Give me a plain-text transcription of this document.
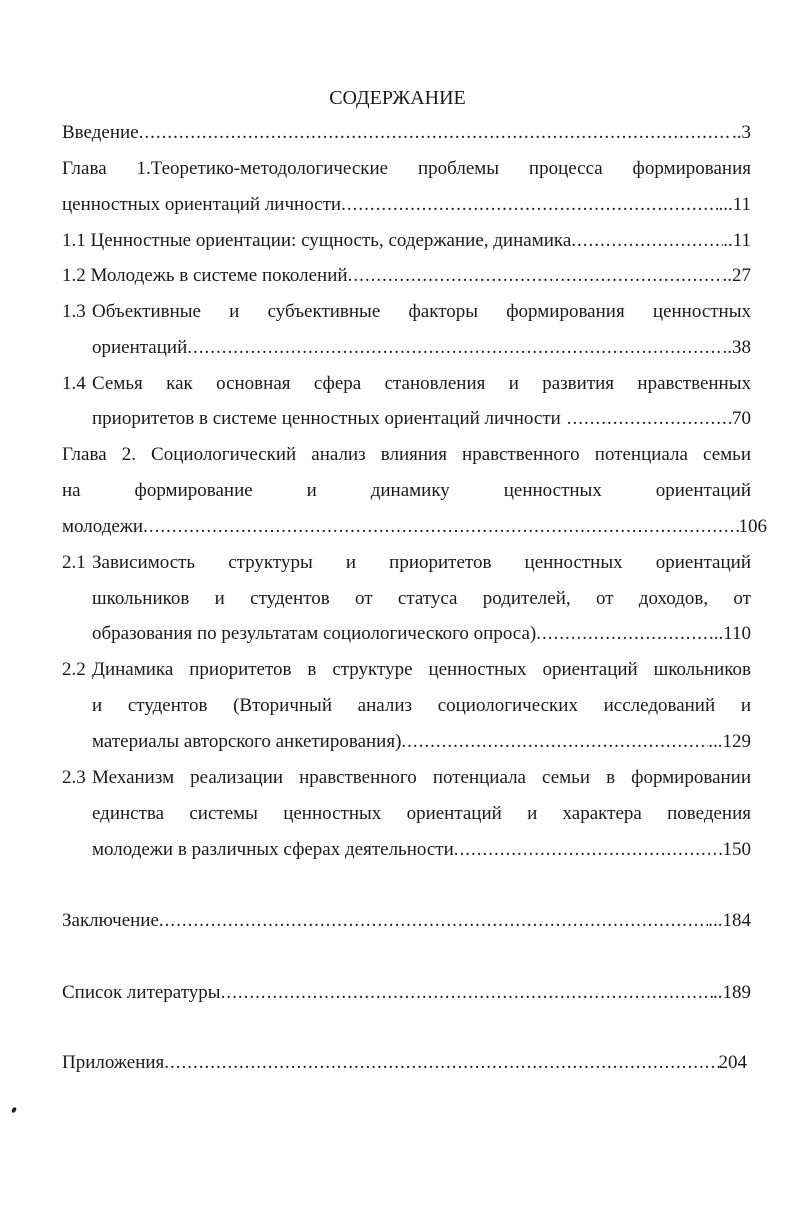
СОДЕРЖАНИЕ
Введение .....	..3
Глава 1.Теоретико-методологические проблемы процесса формирования
ценностных ориентаций личности .....	...11
1.1 Ценностные ориентации: сущность, содержание, динамика .....	..11
1.2 Молодежь в системе поколений .....	..27
1.3 Объективные и субъективные факторы формирования ценностных
ориентаций .....	..38
1.4 Семья как основная сфера становления и развития нравственных
приоритетов в системе ценностных ориентаций личности .....	70
Глава 2. Социологический анализ влияния нравственного потенциала семьи
на формирование и динамику ценностных ориентаций
молодежи .....	106
2.1 Зависимость структуры и приоритетов ценностных ориентаций
школьников и студентов от статуса родителей, от доходов, от
образования по результатам социологического опроса) .....	...110
2.2 Динамика приоритетов в структуре ценностных ориентаций школьников
и студентов (Вторичный анализ социологических исследований и
материалы авторского анкетирования) .....	...129
2.3 Механизм реализации нравственного потенциала семьи в формировании
единства системы ценностных ориентаций и характера поведения
молодежи в различных сферах деятельности .....	150
Заключение .....	...184
Список литературы .....	..189
Приложения .....	204
